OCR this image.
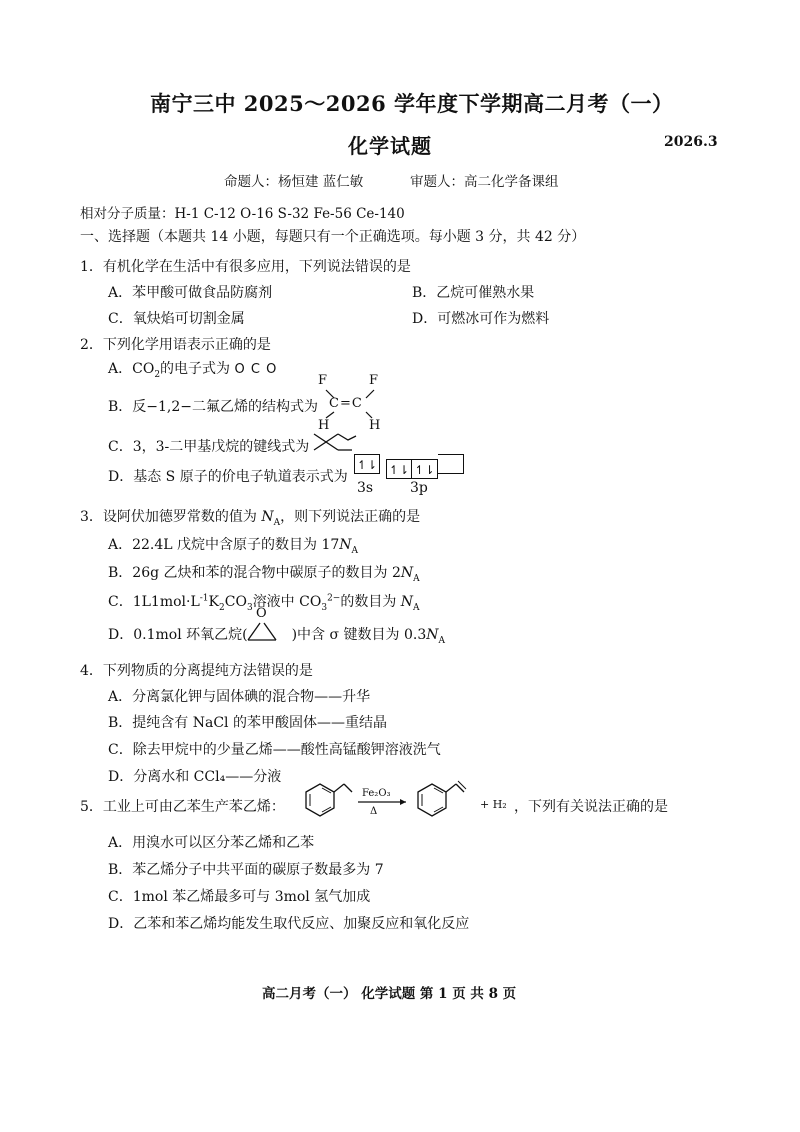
南宁三中 2025～2026 学年度下学期高二月考（一）
化学试题	2026.3
命题人：杨恒建 蓝仁敏	审题人：高二化学备课组
相对分子质量：H-1 C-12 O-16 S-32 Fe-56 Ce-140
一、选择题（本题共 14 小题，每题只有一个正确选项。每小题 3 分，共 42 分）
1．有机化学在生活中有很多应用，下列说法错误的是
A．苯甲酸可做食品防腐剂	B．乙烷可催熟水果
C．氧炔焰可切割金属	D．可燃冰可作为燃料
2．下列化学用语表示正确的是
A．$CO_2$的电子式为 O C O
B．反−1,2−二氟乙烯的结构式为
F	F
C=C
H	H
C．3，3-二甲基戊烷的键线式为
D．基态 S 原子的价电子轨道表示式为
↿⇂ ↿⇂ ↿⇂
3s	3p
3．设阿伏加德罗常数的值为 $N_A$，则下列说法正确的是
A．22.4L 戊烷中含原子的数目为 $17N_A$
B．26g 乙炔和苯的混合物中碳原子的数目为 $2N_A$
C．$1L1mol\cdot L^{-1}K_2CO_3$溶液中 $CO_3^{2-}$的数目为 $N_A$
D．0.1mol 环氧乙烷(	)中含 σ 键数目为 $0.3N_A$
O
4．下列物质的分离提纯方法错误的是
A．分离氯化钾与固体碘的混合物——升华
B．提纯含有 NaCl 的苯甲酸固体——重结晶
C．除去甲烷中的少量乙烯——酸性高锰酸钾溶液洗气
D．分离水和 CCl₄——分液
5．工业上可由乙苯生产苯乙烯：
Fe₂O₃
Δ
+ H₂ ，下列有关说法正确的是
A．用溴水可以区分苯乙烯和乙苯
B．苯乙烯分子中共平面的碳原子数最多为 7
C．1mol 苯乙烯最多可与 3mol 氢气加成
D．乙苯和苯乙烯均能发生取代反应、加聚反应和氧化反应
高二月考（一） 化学试题 第 1 页 共 8 页
